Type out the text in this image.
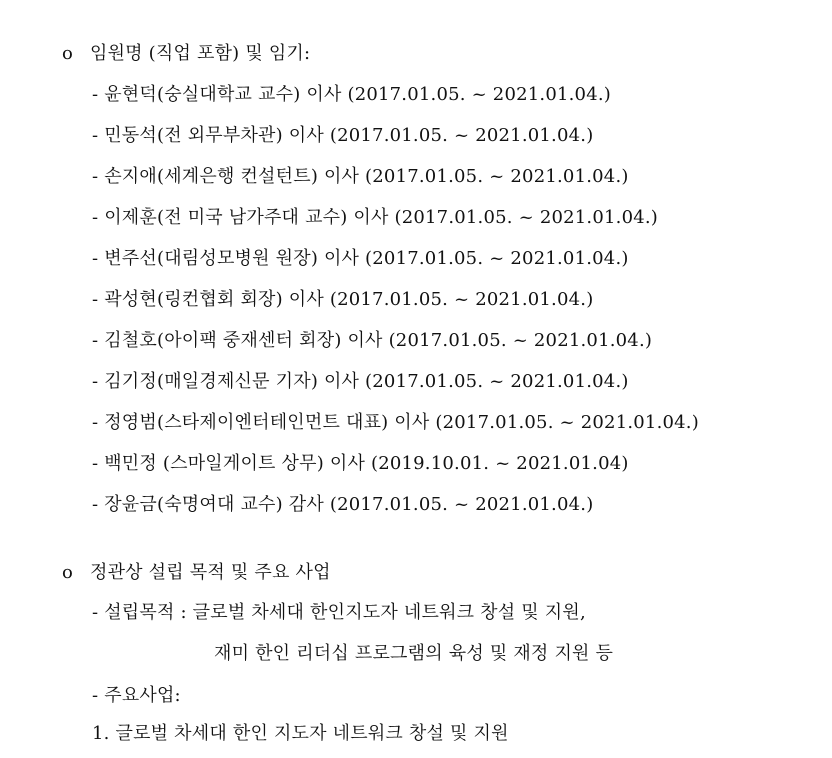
o 임원명 (직업 포함) 및 임기:
- 윤현덕(숭실대학교 교수) 이사 (2017.01.05. ~ 2021.01.04.)
- 민동석(전 외무부차관) 이사 (2017.01.05. ~ 2021.01.04.)
- 손지애(세계은행 컨설턴트) 이사 (2017.01.05. ~ 2021.01.04.)
- 이제훈(전 미국 남가주대 교수) 이사 (2017.01.05. ~ 2021.01.04.)
- 변주선(대림성모병원 원장) 이사 (2017.01.05. ~ 2021.01.04.)
- 곽성현(링컨협회 회장) 이사 (2017.01.05. ~ 2021.01.04.)
- 김철호(아이팩 중재센터 회장) 이사 (2017.01.05. ~ 2021.01.04.)
- 김기정(매일경제신문 기자) 이사 (2017.01.05. ~ 2021.01.04.)
- 정영범(스타제이엔터테인먼트 대표) 이사 (2017.01.05. ~ 2021.01.04.)
- 백민정 (스마일게이트 상무) 이사 (2019.10.01. ~ 2021.01.04)
- 장윤금(숙명여대 교수) 감사 (2017.01.05. ~ 2021.01.04.)
o 정관상 설립 목적 및 주요 사업
- 설립목적 : 글로벌 차세대 한인지도자 네트워크 창설 및 지원,
재미 한인 리더십 프로그램의 육성 및 재정 지원 등
- 주요사업:
1. 글로벌 차세대 한인 지도자 네트워크 창설 및 지원
